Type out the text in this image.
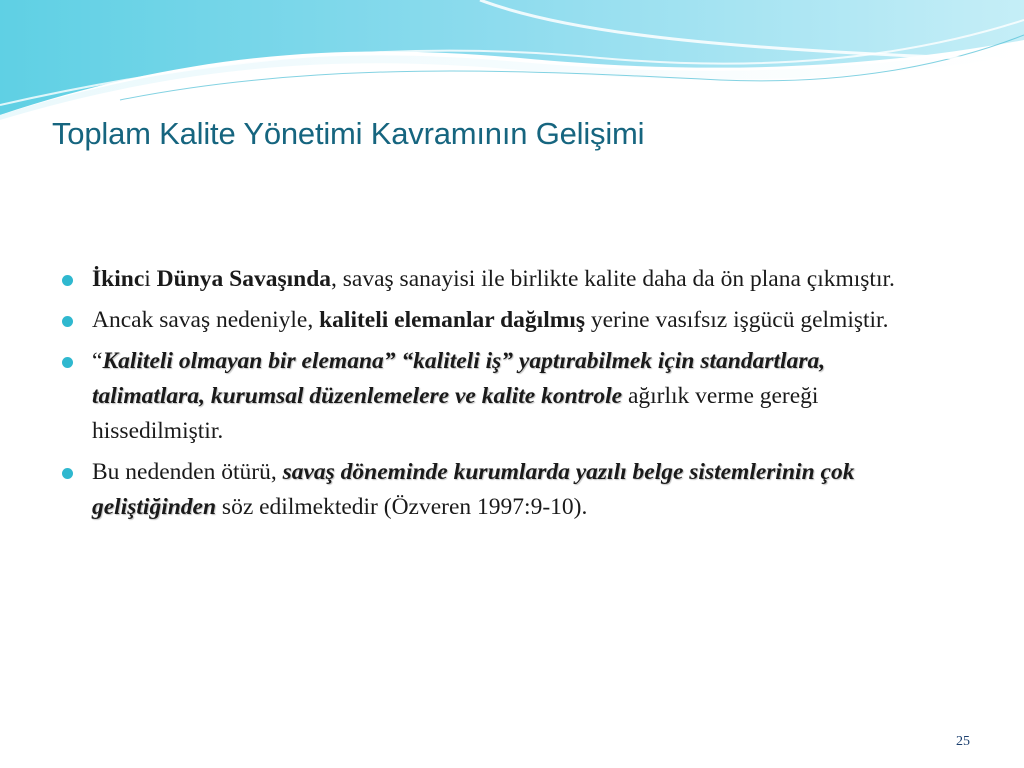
Toplam Kalite Yönetimi Kavramının Gelişimi
İkinci Dünya Savaşında, savaş sanayisi ile birlikte kalite daha da ön plana çıkmıştır.
Ancak savaş nedeniyle, kaliteli elemanlar dağılmış yerine vasıfsız işgücü gelmiştir.
“Kaliteli olmayan bir elemana” “kaliteli iş” yaptırabilmek için standartlara, talimatlara, kurumsal düzenlemelere ve kalite kontrole ağırlık verme gereği hissedilmiştir.
Bu nedenden ötürü, savaş döneminde kurumlarda yazılı belge sistemlerinin çok geliştiğinden söz edilmektedir (Özveren 1997:9-10).
25
